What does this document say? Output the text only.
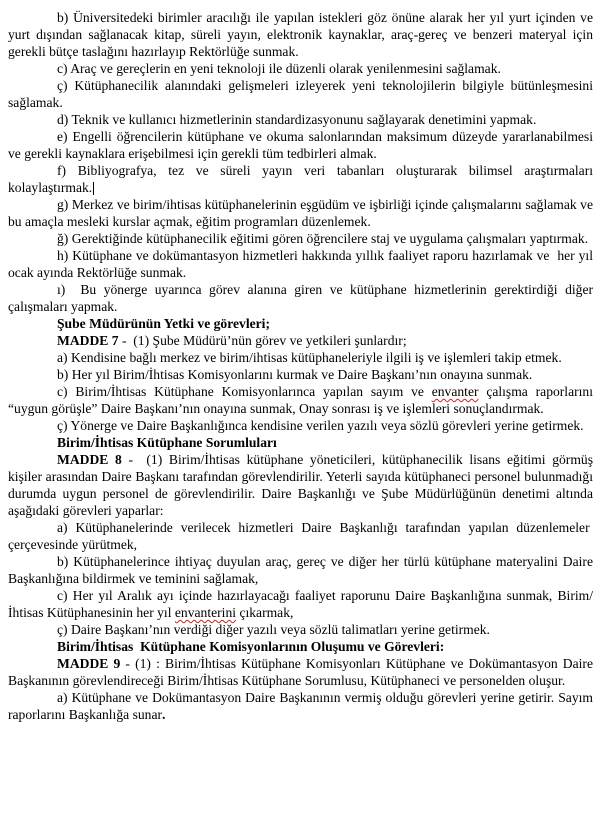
b) Üniversitedeki birimler aracılığı ile yapılan istekleri göz önüne alarak her yıl yurt içinden ve yurt dışından sağlanacak kitap, süreli yayın, elektronik kaynaklar, araç-gereç ve benzeri materyal için gerekli bütçe taslağını hazırlayıp Rektörlüğe sunmak.

c) Araç ve gereçlerin en yeni teknoloji ile düzenli olarak yenilenmesini sağlamak.

ç) Kütüphanecilik alanındaki gelişmeleri izleyerek yeni teknolojilerin bilgiyle bütünleşmesini sağlamak.

d) Teknik ve kullanıcı hizmetlerinin standardizasyonunu sağlayarak denetimini yapmak.

e) Engelli öğrencilerin kütüphane ve okuma salonlarından maksimum düzeyde yararlanabilmesi ve gerekli kaynaklara erişebilmesi için gerekli tüm tedbirleri almak.

f) Bibliyografya, tez ve süreli yayın veri tabanları oluşturarak bilimsel araştırmaları kolaylaştırmak.

g) Merkez ve birim/ihtisas kütüphanelerinin eşgüdüm ve işbirliği içinde çalışmalarını sağlamak ve bu amaçla mesleki kurslar açmak, eğitim programları düzenlemek.

ğ) Gerektiğinde kütüphanecilik eğitimi gören öğrencilere staj ve uygulama çalışmaları yaptırmak.

h) Kütüphane ve dokümantasyon hizmetleri hakkında yıllık faaliyet raporu hazırlamak ve  her yıl ocak ayında Rektörlüğe sunmak.

ı)  Bu yönerge uyarınca görev alanına giren ve kütüphane hizmetlerinin gerektirdiği diğer çalışmaları yapmak.

Şube Müdürünün Yetki ve görevleri;

MADDE 7 -  (1) Şube Müdürü’nün görev ve yetkileri şunlardır;

a) Kendisine bağlı merkez ve birim/ihtisas kütüphaneleriyle ilgili iş ve işlemleri takip etmek.

b) Her yıl Birim/İhtisas Komisyonlarını kurmak ve Daire Başkanı’nın onayına sunmak.

c) Birim/İhtisas Kütüphane Komisyonlarınca yapılan sayım ve envanter çalışma raporlarını “uygun görüşle” Daire Başkanı’nın onayına sunmak, Onay sonrası iş ve işlemleri sonuçlandırmak.

ç) Yönerge ve Daire Başkanlığınca kendisine verilen yazılı veya sözlü görevleri yerine getirmek.

Birim/İhtisas Kütüphane Sorumluları

MADDE 8 -  (1) Birim/İhtisas kütüphane yöneticileri, kütüphanecilik lisans eğitimi görmüş kişiler arasından Daire Başkanı tarafından görevlendirilir. Yeterli sayıda kütüphaneci personel bulunmadığı durumda uygun personel de görevlendirilir. Daire Başkanlığı ve Şube Müdürlüğünün denetimi altında aşağıdaki görevleri yaparlar:

a) Kütüphanelerinde verilecek hizmetleri Daire Başkanlığı tarafından yapılan düzenlemeler  çerçevesinde yürütmek,

b) Kütüphanelerince ihtiyaç duyulan araç, gereç ve diğer her türlü kütüphane materyalini Daire Başkanlığına bildirmek ve teminini sağlamak,

c) Her yıl Aralık ayı içinde hazırlayacağı faaliyet raporunu Daire Başkanlığına sunmak, Birim/İhtisas Kütüphanesinin her yıl envanterini çıkarmak,

ç) Daire Başkanı’nın verdiği diğer yazılı veya sözlü talimatları yerine getirmek.

Birim/İhtisas  Kütüphane Komisyonlarının Oluşumu ve Görevleri:

MADDE 9 - (1) : Birim/İhtisas Kütüphane Komisyonları Kütüphane ve Dokümantasyon Daire Başkanının görevlendireceği Birim/İhtisas Kütüphane Sorumlusu, Kütüphaneci ve personelden oluşur.

a) Kütüphane ve Dokümantasyon Daire Başkanının vermiş olduğu görevleri yerine getirir. Sayım raporlarını Başkanlığa sunar.
